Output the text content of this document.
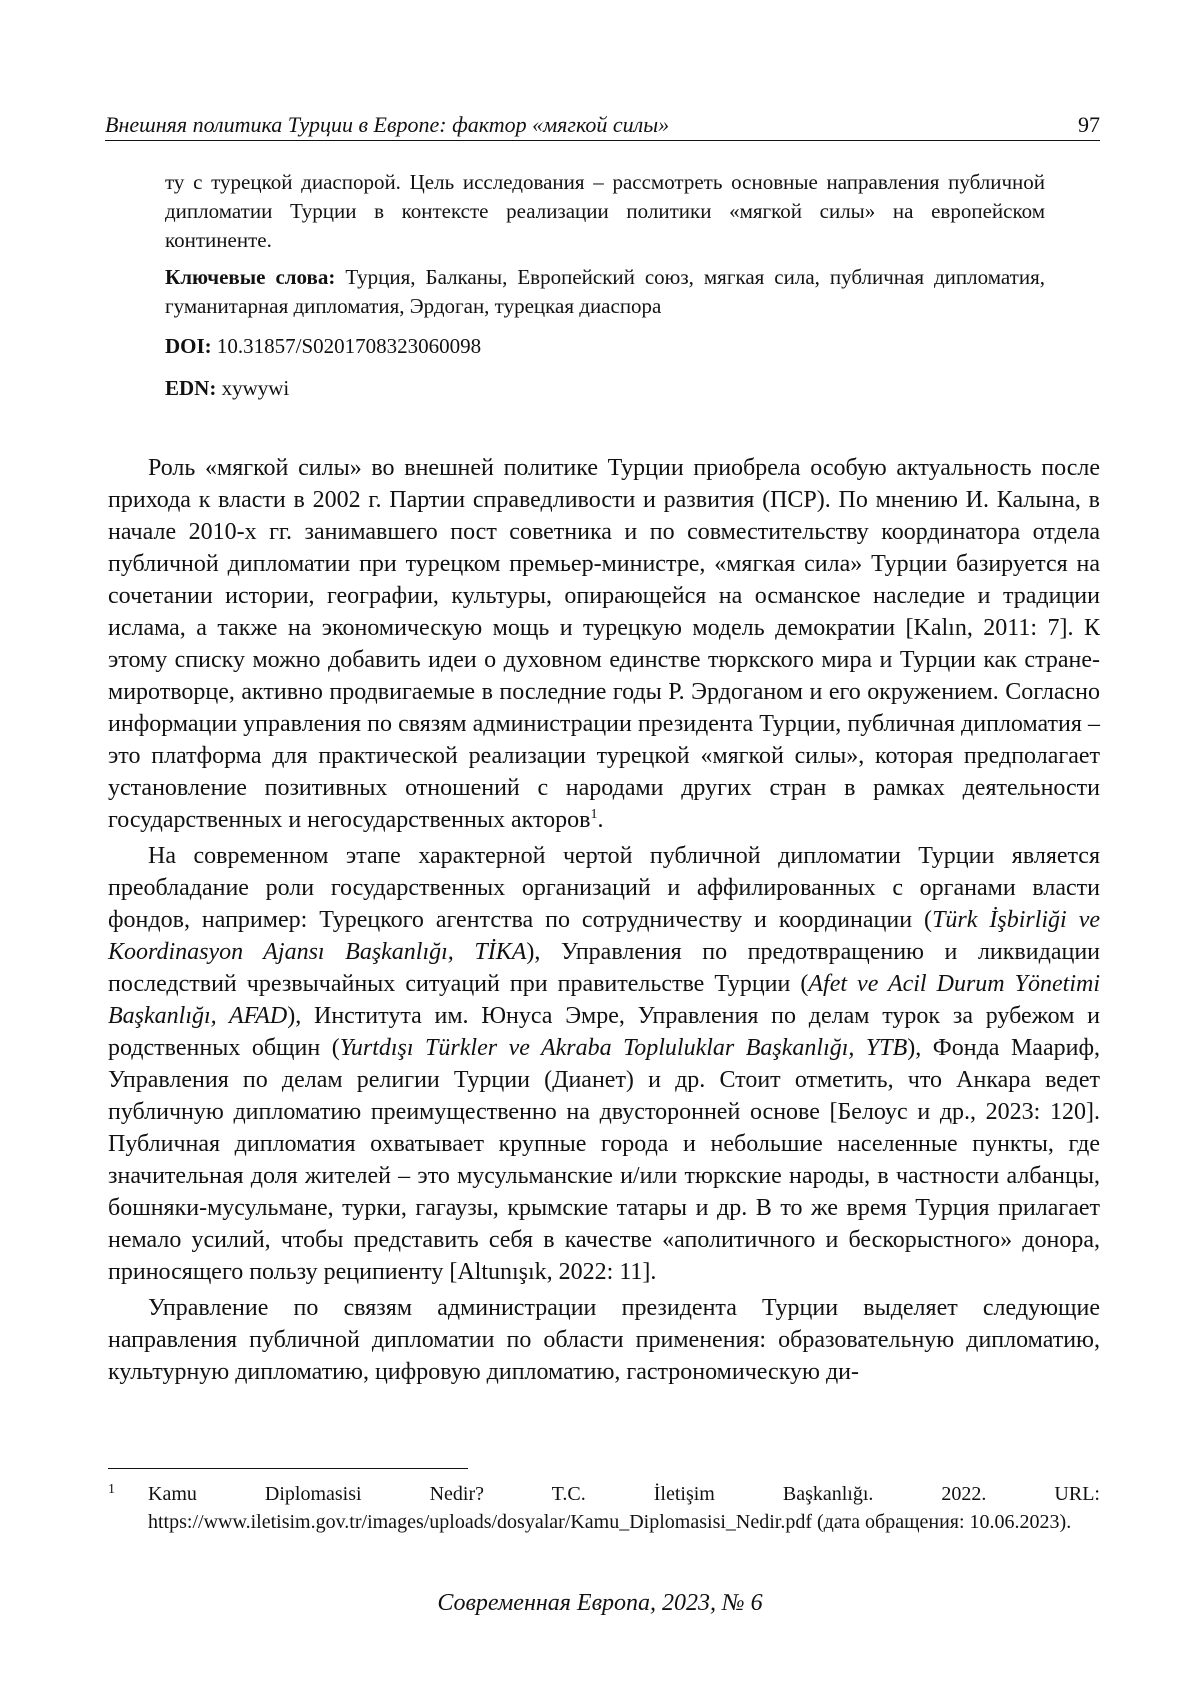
Внешняя политика Турции в Европе: фактор «мягкой силы»	97

ту с турецкой диаспорой. Цель исследования – рассмотреть основные направления публичной дипломатии Турции в контексте реализации политики «мягкой силы» на европейском континенте.

Ключевые слова: Турция, Балканы, Европейский союз, мягкая сила, публичная дипломатия, гуманитарная дипломатия, Эрдоган, турецкая диаспора

DOI: 10.31857/S0201708323060098

EDN: xywywi

Роль «мягкой силы» во внешней политике Турции приобрела особую актуальность после прихода к власти в 2002 г. Партии справедливости и развития (ПСР). По мнению И. Калына, в начале 2010-х гг. занимавшего пост советника и по совместительству координатора отдела публичной дипломатии при турецком премьер-министре, «мягкая сила» Турции базируется на сочетании истории, географии, культуры, опирающейся на османское наследие и традиции ислама, а также на экономическую мощь и турецкую модель демократии [Kalın, 2011: 7]. К этому списку можно добавить идеи о духовном единстве тюркского мира и Турции как стране-миротворце, активно продвигаемые в последние годы Р. Эрдоганом и его окружением. Согласно информации управления по связям администрации президента Турции, публичная дипломатия – это платформа для практической реализации турецкой «мягкой силы», которая предполагает установление позитивных отношений с народами других стран в рамках деятельности государственных и негосударственных акторов$^1$.

На современном этапе характерной чертой публичной дипломатии Турции является преобладание роли государственных организаций и аффилированных с органами власти фондов, например: Турецкого агентства по сотрудничеству и координации (Türk İşbirliği ve Koordinasyon Ajansı Başkanlığı, TİKA), Управления по предотвращению и ликвидации последствий чрезвычайных ситуаций при правительстве Турции (Afet ve Acil Durum Yönetimi Başkanlığı, AFAD), Института им. Юнуса Эмре, Управления по делам турок за рубежом и родственных общин (Yurtdışı Türkler ve Akraba Topluluklar Başkanlığı, YTB), Фонда Маариф, Управления по делам религии Турции (Дианет) и др. Стоит отметить, что Анкара ведет публичную дипломатию преимущественно на двусторонней основе [Белоус и др., 2023: 120]. Публичная дипломатия охватывает крупные города и небольшие населенные пункты, где значительная доля жителей – это мусульманские и/или тюркские народы, в частности албанцы, бошняки-мусульмане, турки, гагаузы, крымские татары и др. В то же время Турция прилагает немало усилий, чтобы представить себя в качестве «аполитичного и бескорыстного» донора, приносящего пользу реципиенту [Altunışık, 2022: 11].

Управление по связям администрации президента Турции выделяет следующие направления публичной дипломатии по области применения: образовательную дипломатию, культурную дипломатию, цифровую дипломатию, гастрономическую ди-

1 Kamu Diplomasisi Nedir? T.C. İletişim Başkanlığı. 2022. URL: https://www.iletisim.gov.tr/images/uploads/dosyalar/Kamu_Diplomasisi_Nedir.pdf (дата обращения: 10.06.2023).
Современная Европа, 2023, № 6
